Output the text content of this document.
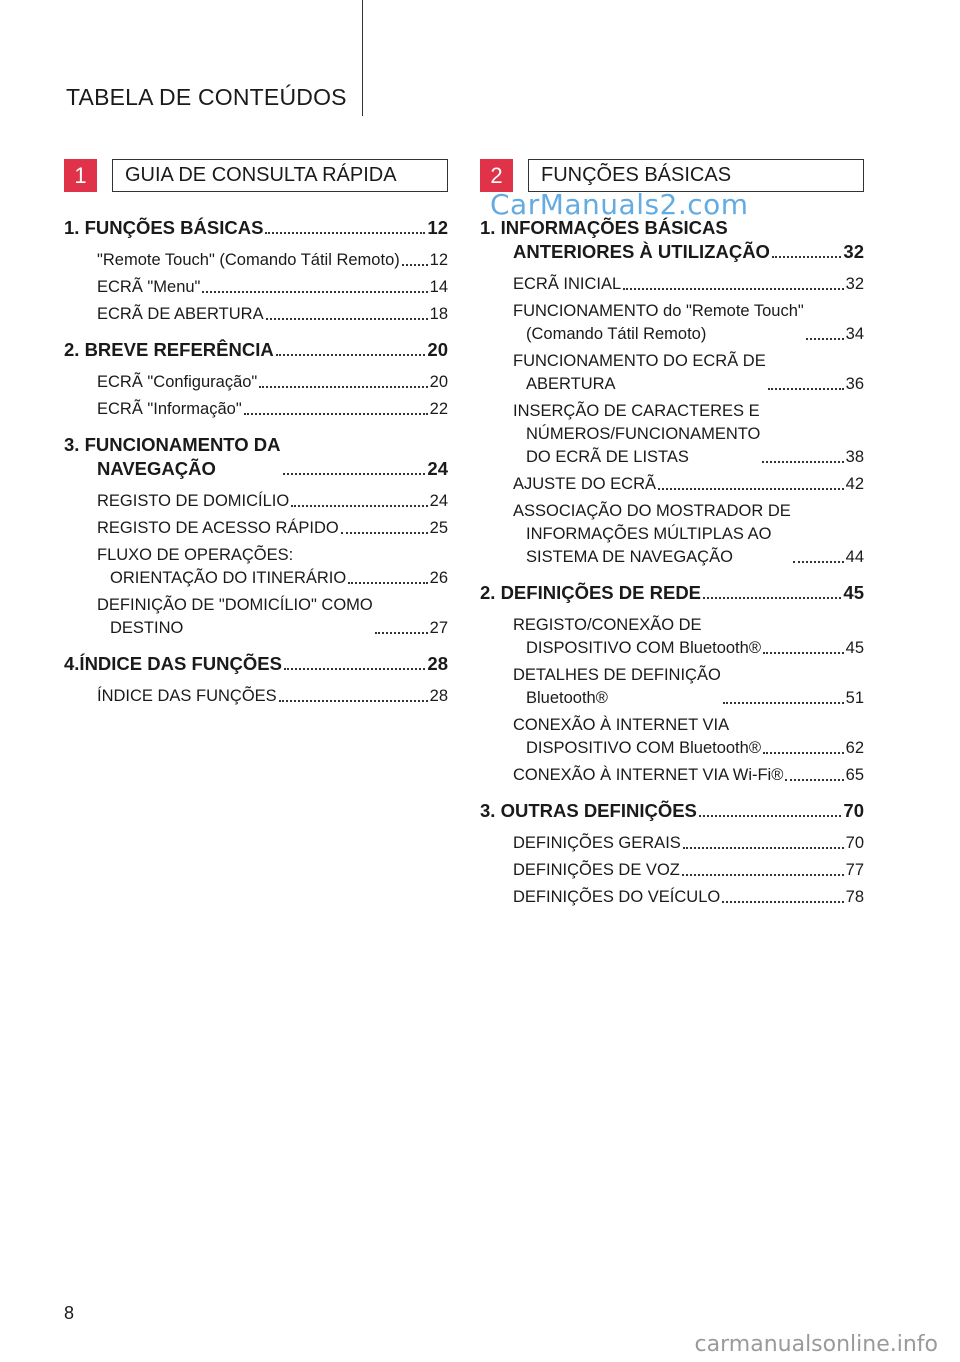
TABELA DE CONTEÚDOS
1	GUIA DE CONSULTA RÁPIDA
1. FUNÇÕES BÁSICAS	12
"Remote Touch" (Comando Tátil Remoto) 12
ECRÃ "Menu"	14
ECRÃ DE ABERTURA	18
2. BREVE REFERÊNCIA	20
ECRÃ "Configuração"	20
ECRÃ "Informação"	22
3. FUNCIONAMENTO DA
NAVEGAÇÃO	24
REGISTO DE DOMICÍLIO	24
REGISTO DE ACESSO RÁPIDO	25
FLUXO DE OPERAÇÕES:
ORIENTAÇÃO DO ITINERÁRIO	26
DEFINIÇÃO DE "DOMICÍLIO" COMO
DESTINO	27
4.ÍNDICE DAS FUNÇÕES	28
ÍNDICE DAS FUNÇÕES	28
2	FUNÇÕES BÁSICAS
1. INFORMAÇÕES BÁSICAS
ANTERIORES À UTILIZAÇÃO	32
ECRÃ INICIAL	32
FUNCIONAMENTO do "Remote Touch"
(Comando Tátil Remoto)	34
FUNCIONAMENTO DO ECRÃ DE
ABERTURA	36
INSERÇÃO DE CARACTERES E
NÚMEROS/FUNCIONAMENTO
DO ECRÃ DE LISTAS	38
AJUSTE DO ECRÃ	42
ASSOCIAÇÃO DO MOSTRADOR DE
INFORMAÇÕES MÚLTIPLAS AO
SISTEMA DE NAVEGAÇÃO	44
2. DEFINIÇÕES DE REDE	45
REGISTO/CONEXÃO DE
DISPOSITIVO COM Bluetooth®	45
DETALHES DE DEFINIÇÃO
Bluetooth®	51
CONEXÃO À INTERNET VIA
DISPOSITIVO COM Bluetooth®	62
CONEXÃO À INTERNET VIA Wi-Fi®	65
3. OUTRAS DEFINIÇÕES	70
DEFINIÇÕES GERAIS	70
DEFINIÇÕES DE VOZ	77
DEFINIÇÕES DO VEÍCULO	78
CarManuals2.com
8
carmanualsonline.info
